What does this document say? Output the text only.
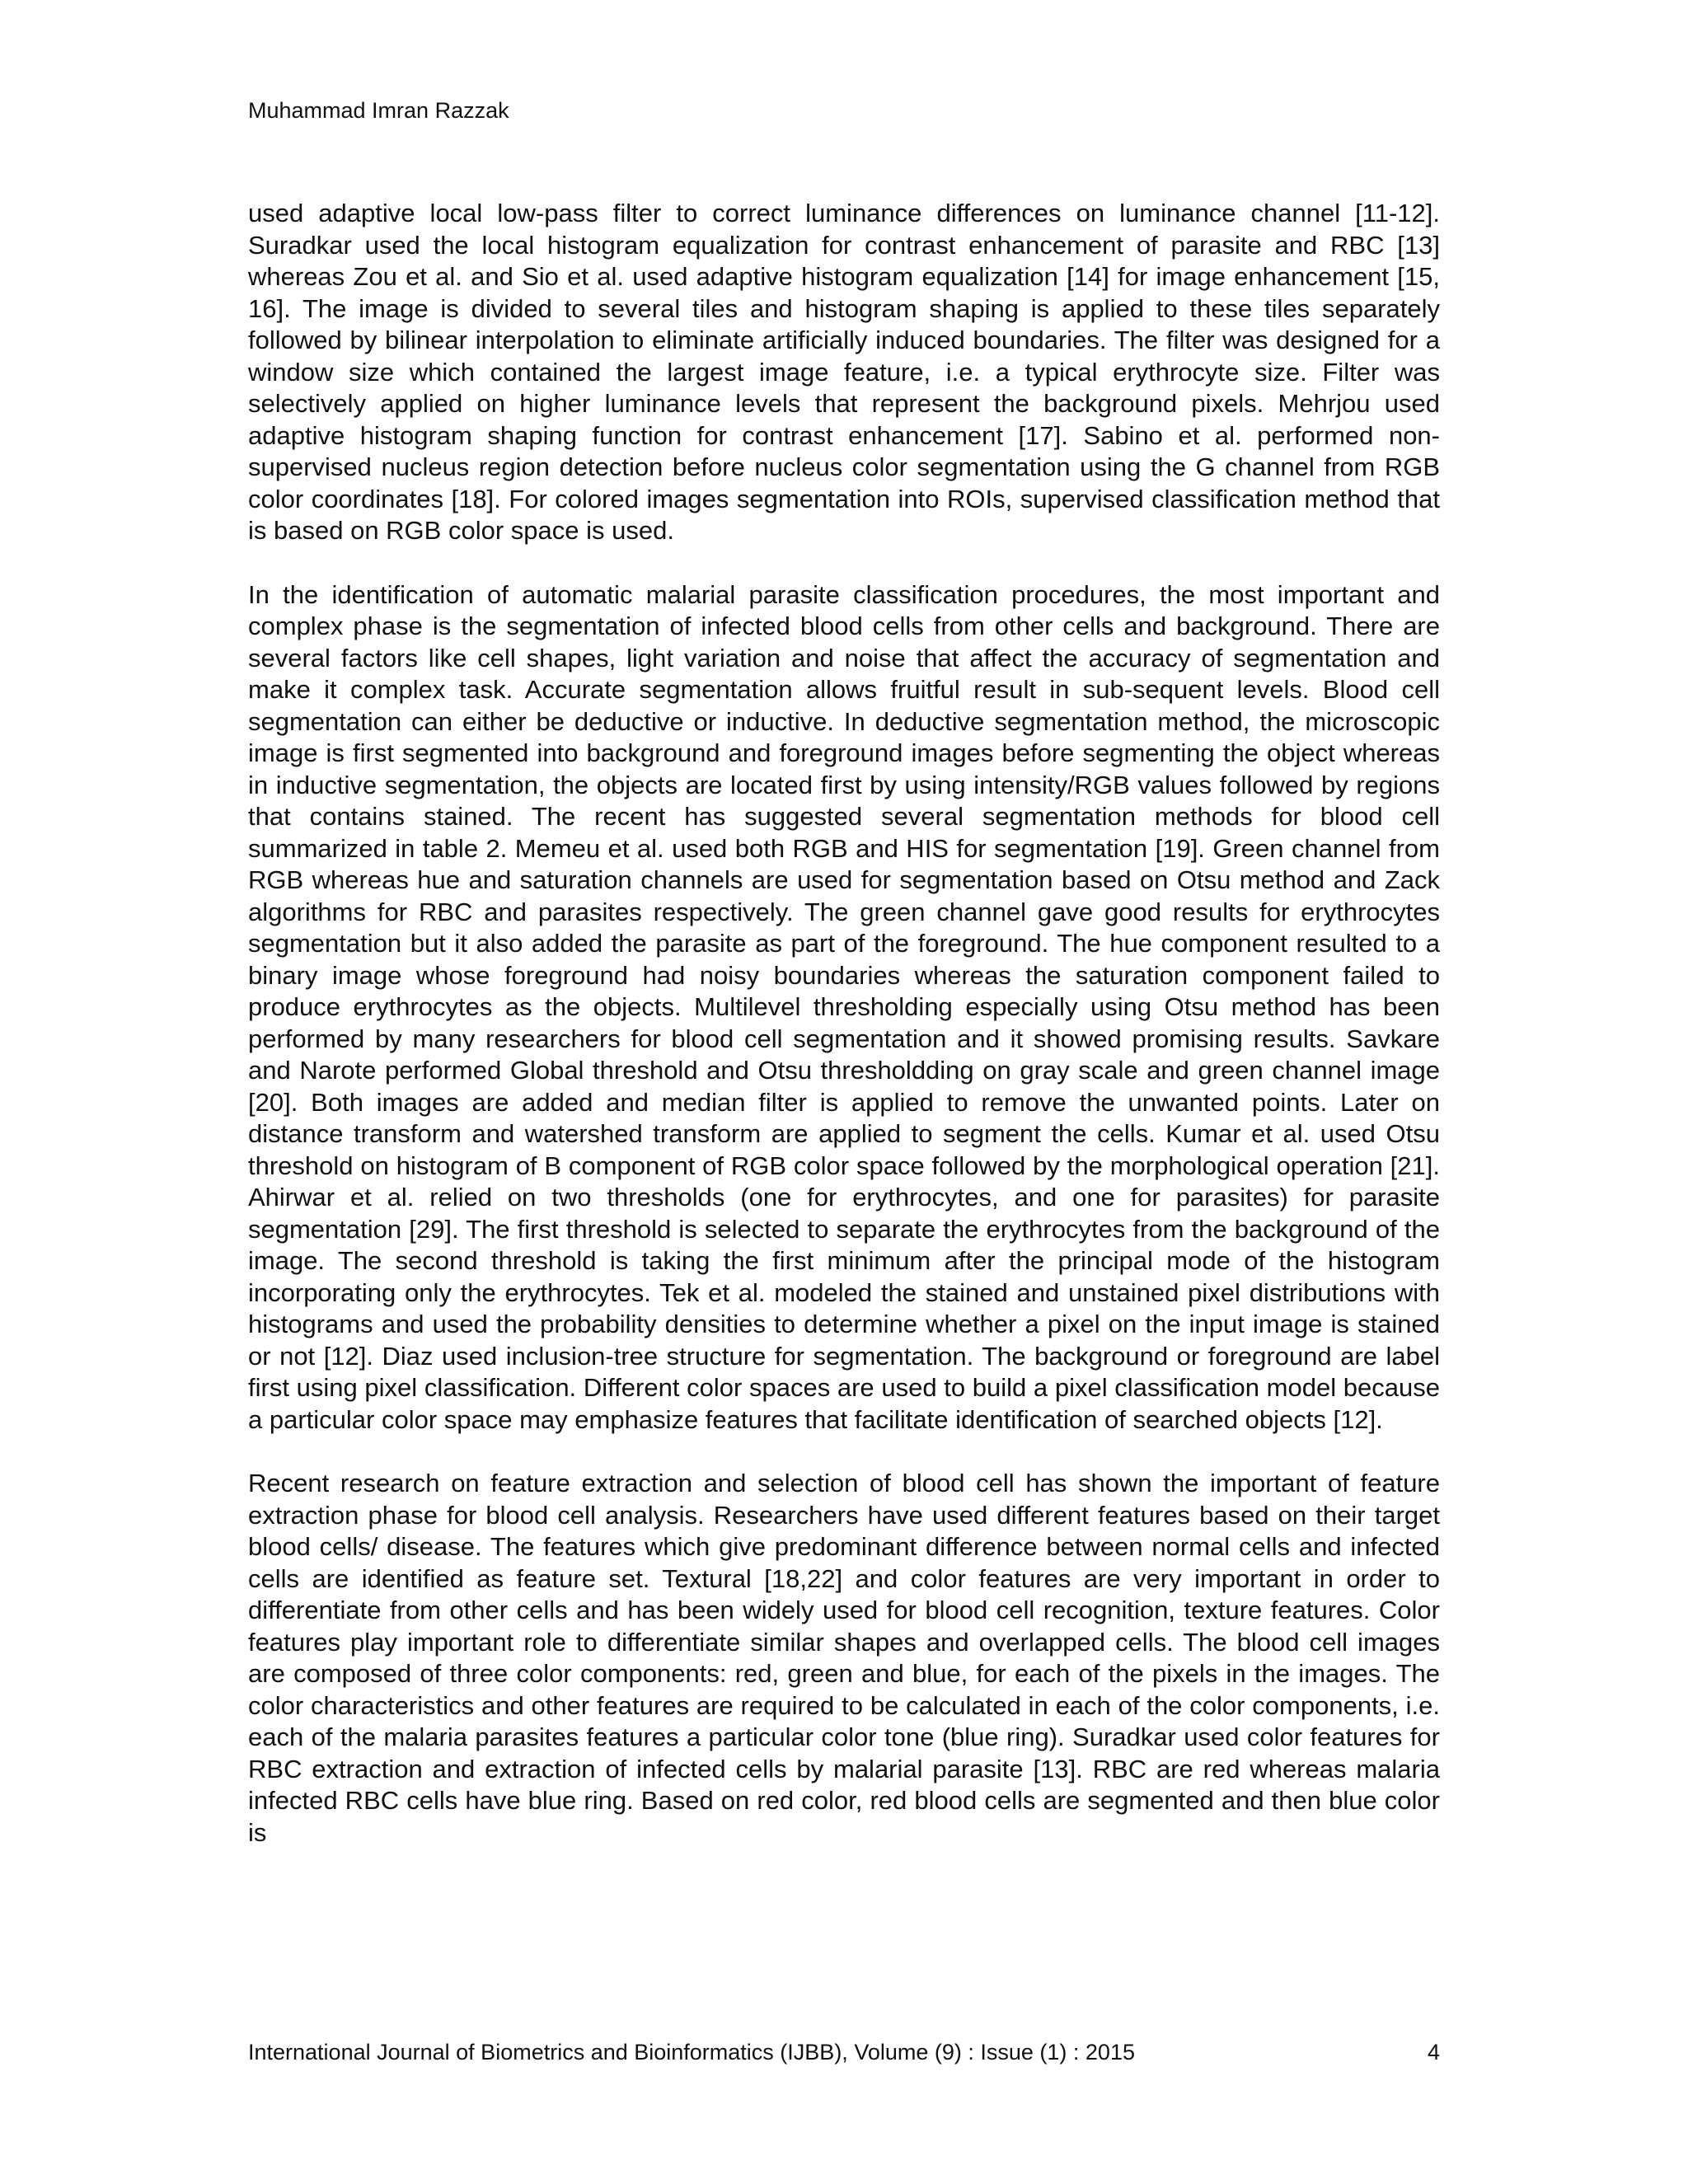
Muhammad Imran Razzak

used adaptive local low-pass filter to correct luminance differences on luminance channel [11-12]. Suradkar used the local histogram equalization for contrast enhancement of parasite and RBC [13] whereas Zou et al. and Sio et al. used adaptive histogram equalization [14] for image enhancement [15, 16]. The image is divided to several tiles and histogram shaping is applied to these tiles separately followed by bilinear interpolation to eliminate artificially induced boundaries. The filter was designed for a window size which contained the largest image feature, i.e. a typical erythrocyte size. Filter was selectively applied on higher luminance levels that represent the background pixels. Mehrjou used adaptive histogram shaping function for contrast enhancement [17]. Sabino et al. performed non-supervised nucleus region detection before nucleus color segmentation using the G channel from RGB color coordinates [18]. For colored images segmentation into ROIs, supervised classification method that is based on RGB color space is used.

In the identification of automatic malarial parasite classification procedures, the most important and complex phase is the segmentation of infected blood cells from other cells and background. There are several factors like cell shapes, light variation and noise that affect the accuracy of segmentation and make it complex task. Accurate segmentation allows fruitful result in sub-sequent levels. Blood cell segmentation can either be deductive or inductive. In deductive segmentation method, the microscopic image is first segmented into background and foreground images before segmenting the object whereas in inductive segmentation, the objects are located first by using intensity/RGB values followed by regions that contains stained. The recent has suggested several segmentation methods for blood cell summarized in table 2. Memeu et al. used both RGB and HIS for segmentation [19]. Green channel from RGB whereas hue and saturation channels are used for segmentation based on Otsu method and Zack algorithms for RBC and parasites respectively. The green channel gave good results for erythrocytes segmentation but it also added the parasite as part of the foreground. The hue component resulted to a binary image whose foreground had noisy boundaries whereas the saturation component failed to produce erythrocytes as the objects. Multilevel thresholding especially using Otsu method has been performed by many researchers for blood cell segmentation and it showed promising results. Savkare and Narote performed Global threshold and Otsu thresholdding on gray scale and green channel image [20]. Both images are added and median filter is applied to remove the unwanted points. Later on distance transform and watershed transform are applied to segment the cells. Kumar et al. used Otsu threshold on histogram of B component of RGB color space followed by the morphological operation [21]. Ahirwar et al. relied on two thresholds (one for erythrocytes, and one for parasites) for parasite segmentation [29]. The first threshold is selected to separate the erythrocytes from the background of the image. The second threshold is taking the first minimum after the principal mode of the histogram incorporating only the erythrocytes. Tek et al. modeled the stained and unstained pixel distributions with histograms and used the probability densities to determine whether a pixel on the input image is stained or not [12]. Diaz used inclusion-tree structure for segmentation. The background or foreground are label first using pixel classification. Different color spaces are used to build a pixel classification model because a particular color space may emphasize features that facilitate identification of searched objects [12].

Recent research on feature extraction and selection of blood cell has shown the important of feature extraction phase for blood cell analysis. Researchers have used different features based on their target blood cells/ disease. The features which give predominant difference between normal cells and infected cells are identified as feature set. Textural [18,22] and color features are very important in order to differentiate from other cells and has been widely used for blood cell recognition, texture features. Color features play important role to differentiate similar shapes and overlapped cells. The blood cell images are composed of three color components: red, green and blue, for each of the pixels in the images. The color characteristics and other features are required to be calculated in each of the color components, i.e. each of the malaria parasites features a particular color tone (blue ring). Suradkar used color features for RBC extraction and extraction of infected cells by malarial parasite [13]. RBC are red whereas malaria infected RBC cells have blue ring. Based on red color, red blood cells are segmented and then blue color is

International Journal of Biometrics and Bioinformatics (IJBB), Volume (9) : Issue (1) : 2015	4
